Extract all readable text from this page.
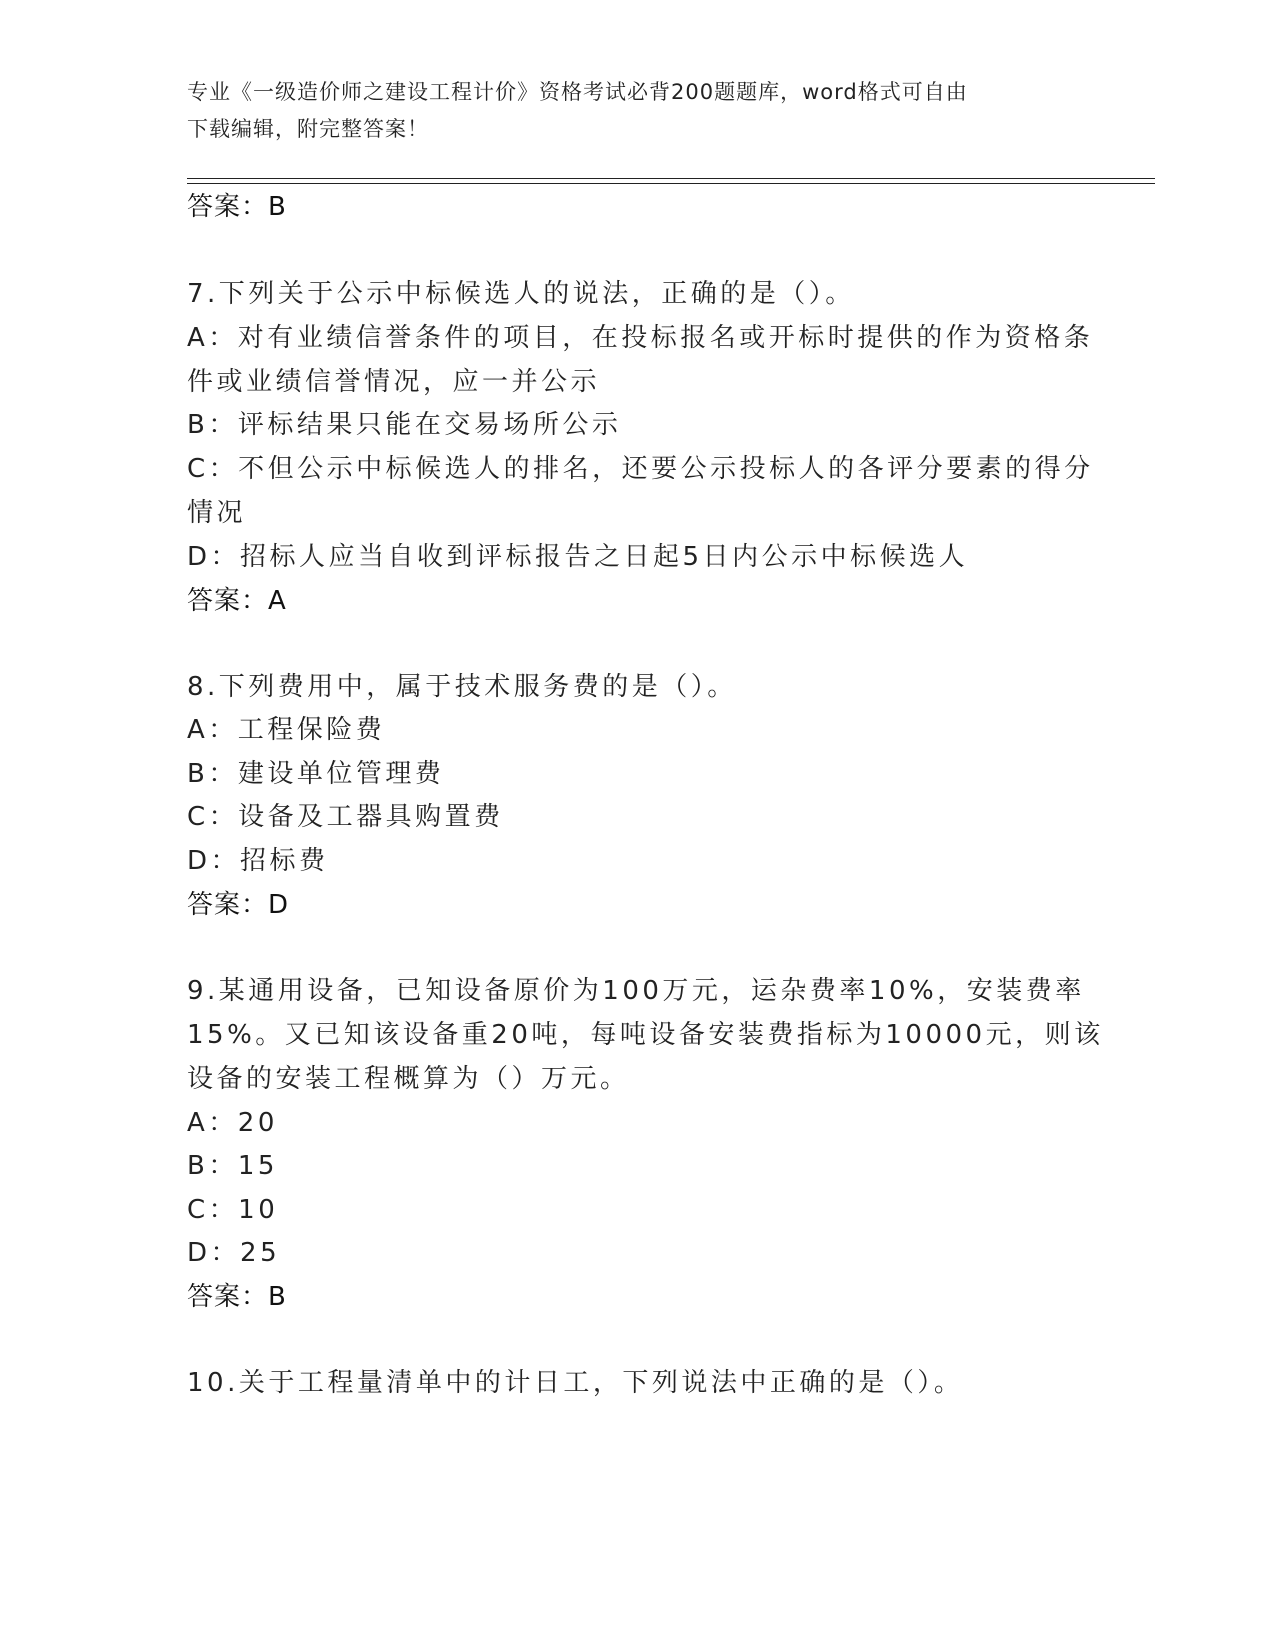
专业《一级造价师之建设工程计价》资格考试必背200题题库，word格式可自由
下载编辑，附完整答案！
答案：B
7.下列关于公示中标候选人的说法，正确的是（）。
A：对有业绩信誉条件的项目，在投标报名或开标时提供的作为资格条
件或业绩信誉情况，应一并公示
B：评标结果只能在交易场所公示
C：不但公示中标候选人的排名，还要公示投标人的各评分要素的得分
情况
D：招标人应当自收到评标报告之日起5日内公示中标候选人
答案：A
8.下列费用中，属于技术服务费的是（）。
A：工程保险费
B：建设单位管理费
C：设备及工器具购置费
D：招标费
答案：D
9.某通用设备，已知设备原价为100万元，运杂费率10%，安装费率
15%。又已知该设备重20吨，每吨设备安装费指标为10000元，则该
设备的安装工程概算为（）万元。
A：20
B：15
C：10
D：25
答案：B
10.关于工程量清单中的计日工，下列说法中正确的是（）。
